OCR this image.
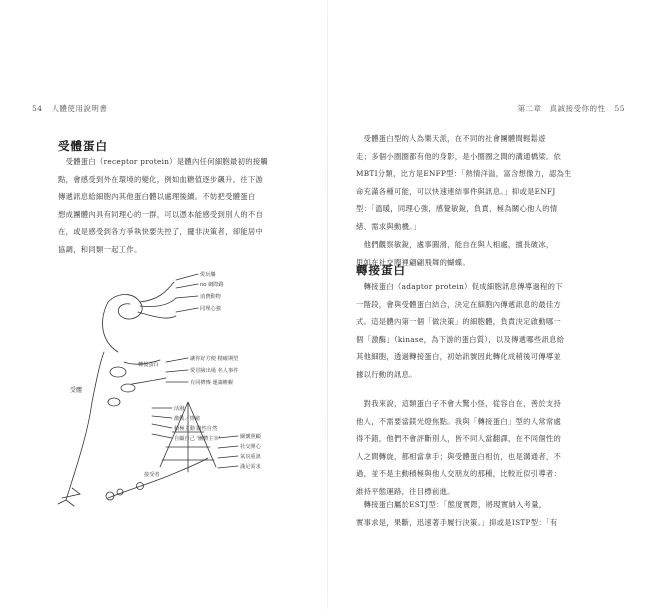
54 人體使用說明書
受體蛋白
　受體蛋白（receptor protein）是體內任何細胞最初的接觸
點，會感受到外在環境的變化，例如血糖值逐步飆升。往下游
傳遞訊息給細胞內其他蛋白體以處理後續。不妨把受體蛋白
想成團體內具有同理心的一群，可以憑本能感受到別人的不自
在，或是感受到各方爭執快要失控了，擺非決策者，卻能居中
協調，和同類一起工作。
愛玩樂
no 網際路
消費動物
同理心強
讓你好方便 精確期望
愛冒險出場 名人事件
有同擠傳 運籌帷幄
轉接蛋白
活潑
激動／情緒
積極主動 隨性自然
自顧自己 '團體主宰'
接受者
關懷照顧
社交開心
氣氛重訊
滿足需求
受體
第二章　真誠接受你的性 55
　受體蛋白型的人為樂天派，在不同的社會團體間輕鬆遊
走；多個小圈圈都有他的身影，是小圈圈之間的溝通橋梁。依
MBTI分類，比方是ENFP型：「熱情洋溢，富含想像力，認為生
命充滿各種可能，可以快速連結事件與訊息。」抑或是ENFJ
型：「溫暖，同理心強，感覺敏銳，負責，極為關心他人的情
緒、需求與動機。」
　他們觀察敏銳，處事圓滑，能自在與人相處，擅長破冰，
甩如在社交圈裡翩翩飛舞的蝴蝶。
轉接蛋白
　轉接蛋白（adaptor protein）促成細胞訊息傳導過程的下
一階段，會與受體蛋白結合，決定在細胞內傳遞訊息的最佳方
式。這是體內第一個「做決策」的細胞體，負責決定啟動哪一
個「激酶」（kinase，為下游的蛋白質），以及傳遞哪些訊息給
其他細胞，透過轉接蛋白，初始訊號因此轉化成稍後可傳導並
據以行動的訊息。
　對我來說，這類蛋白子不會大驚小怪，從容自在，善於支持
他人，不需要當鎂光燈焦點。我與「轉接蛋白」型的人常常處
得不錯，他們不會評斷別人，皆不同人當翻譯，在不同個性的
人之間轉旋，都相當拿手；與受體蛋白相仿，也是溝通者，不
過，並不是主動積極與他人交朋友的那種，比較近似引導者：
維持平態運路，往目標前進。
　轉接蛋白屬於ESTJ型：「態度實際，將現實納入考量，
實事求是，果斷，迅速著手履行決策。」抑或是ISTP型：「有
